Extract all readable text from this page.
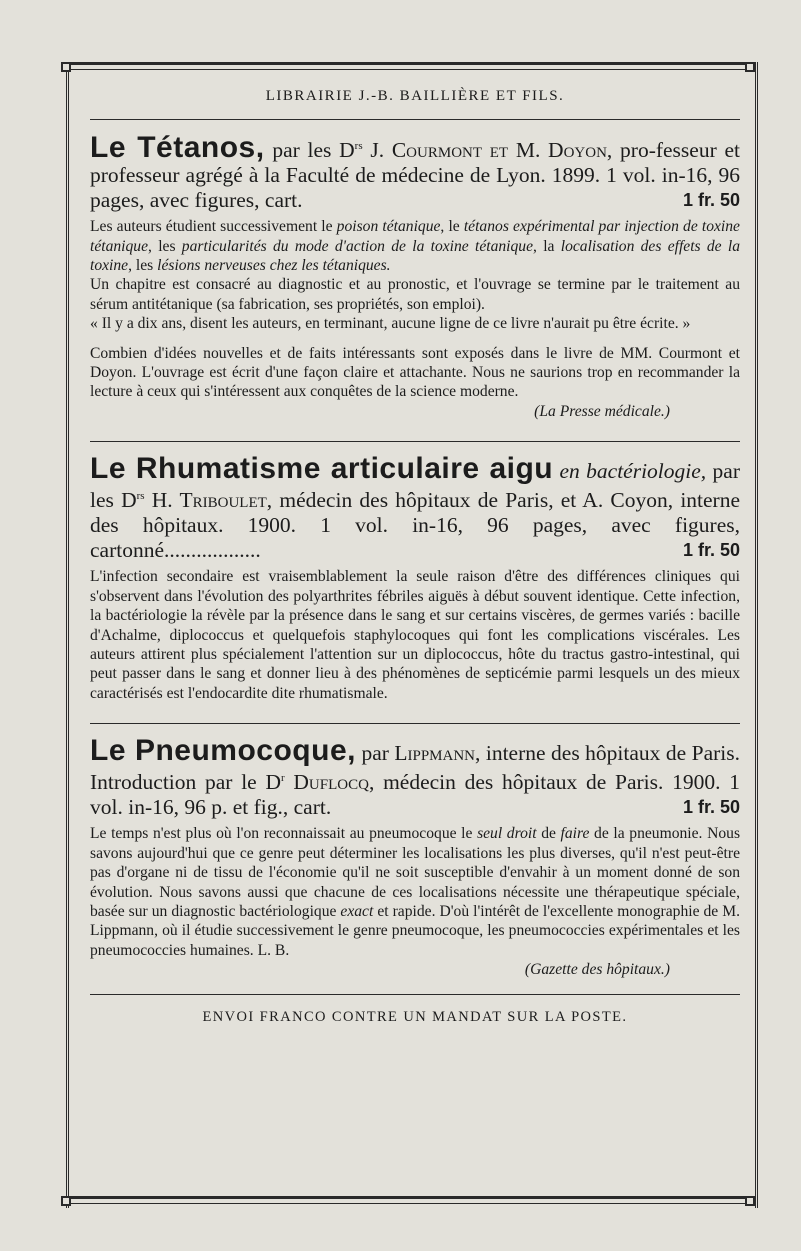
LIBRAIRIE J.-B. BAILLIÈRE ET FILS.

Le Tétanos, par les $D^{rs}$ J. Courmont et M. Doyon, pro-fesseur et professeur agrégé à la Faculté de médecine de Lyon. 1899. 1 vol. in-16, 96 pages, avec figures, cart.	1 fr. 50

Les auteurs étudient successivement le poison tétanique, le tétanos expérimental par injection de toxine tétanique, les particularités du mode d'action de la toxine tétanique, la localisation des effets de la toxine, les lésions nerveuses chez les tétaniques.

Un chapitre est consacré au diagnostic et au pronostic, et l'ouvrage se termine par le traitement au sérum antitétanique (sa fabrication, ses propriétés, son emploi).

« Il y a dix ans, disent les auteurs, en terminant, aucune ligne de ce livre n'aurait pu être écrite. »

Combien d'idées nouvelles et de faits intéressants sont exposés dans le livre de MM. Courmont et Doyon. L'ouvrage est écrit d'une façon claire et attachante. Nous ne saurions trop en recommander la lecture à ceux qui s'intéressent aux conquêtes de la science moderne.

(La Presse médicale.)

Le Rhumatisme articulaire aigu en bactériologie, par les $D^{rs}$ H. Triboulet, médecin des hôpitaux de Paris, et A. Coyon, interne des hôpitaux. 1900. 1 vol. in-16, 96 pages, avec figures, cartonné..................	1 fr. 50

L'infection secondaire est vraisemblablement la seule raison d'être des différences cliniques qui s'observent dans l'évolution des polyarthrites fébriles aiguës à début souvent identique. Cette infection, la bactériologie la révèle par la présence dans le sang et sur certains viscères, de germes variés : bacille d'Achalme, diplococcus et quelquefois staphylocoques qui font les complications viscérales. Les auteurs attirent plus spécialement l'attention sur un diplococcus, hôte du tractus gastro-intestinal, qui peut passer dans le sang et donner lieu à des phénomènes de septicémie parmi lesquels un des mieux caractérisés est l'endocardite dite rhumatismale.

Le Pneumocoque, par Lippmann, interne des hôpitaux de Paris. Introduction par le $D^r$ Duflocq, médecin des hôpitaux de Paris. 1900. 1 vol. in-16, 96 p. et fig., cart.	1 fr. 50

Le temps n'est plus où l'on reconnaissait au pneumocoque le seul droit de faire de la pneumonie. Nous savons aujourd'hui que ce genre peut déterminer les localisations les plus diverses, qu'il n'est peut-être pas d'organe ni de tissu de l'économie qu'il ne soit susceptible d'envahir à un moment donné de son évolution. Nous savons aussi que chacune de ces localisations nécessite une thérapeutique spéciale, basée sur un diagnostic bactériologique exact et rapide. D'où l'intérêt de l'excellente monographie de M. Lippmann, où il étudie successivement le genre pneumocoque, les pneumococcies expérimentales et les pneumococcies humaines. L. B.

(Gazette des hôpitaux.)
ENVOI FRANCO CONTRE UN MANDAT SUR LA POSTE.
